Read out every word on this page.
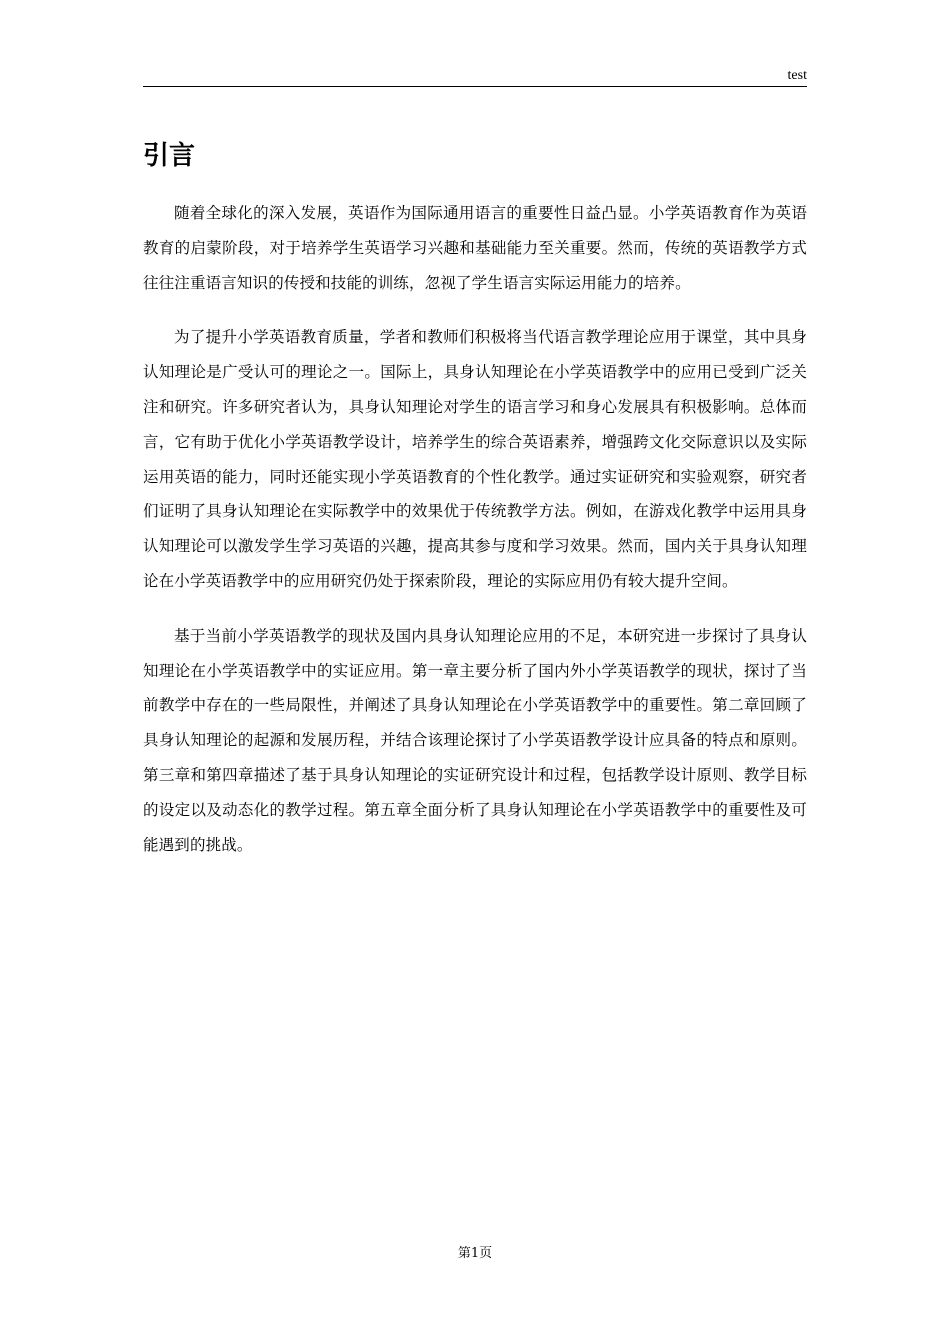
test
引言

随着全球化的深入发展，英语作为国际通用语言的重要性日益凸显。小学英语教育作为英语教育的启蒙阶段，对于培养学生英语学习兴趣和基础能力至关重要。然而，传统的英语教学方式往往注重语言知识的传授和技能的训练，忽视了学生语言实际运用能力的培养。

为了提升小学英语教育质量，学者和教师们积极将当代语言教学理论应用于课堂，其中具身认知理论是广受认可的理论之一。国际上，具身认知理论在小学英语教学中的应用已受到广泛关注和研究。许多研究者认为，具身认知理论对学生的语言学习和身心发展具有积极影响。总体而言，它有助于优化小学英语教学设计，培养学生的综合英语素养，增强跨文化交际意识以及实际运用英语的能力，同时还能实现小学英语教育的个性化教学。通过实证研究和实验观察，研究者们证明了具身认知理论在实际教学中的效果优于传统教学方法。例如，在游戏化教学中运用具身认知理论可以激发学生学习英语的兴趣，提高其参与度和学习效果。然而，国内关于具身认知理论在小学英语教学中的应用研究仍处于探索阶段，理论的实际应用仍有较大提升空间。

基于当前小学英语教学的现状及国内具身认知理论应用的不足，本研究进一步探讨了具身认知理论在小学英语教学中的实证应用。第一章主要分析了国内外小学英语教学的现状，探讨了当前教学中存在的一些局限性，并阐述了具身认知理论在小学英语教学中的重要性。第二章回顾了具身认知理论的起源和发展历程，并结合该理论探讨了小学英语教学设计应具备的特点和原则。第三章和第四章描述了基于具身认知理论的实证研究设计和过程，包括教学设计原则、教学目标的设定以及动态化的教学过程。第五章全面分析了具身认知理论在小学英语教学中的重要性及可能遇到的挑战。

第1页
